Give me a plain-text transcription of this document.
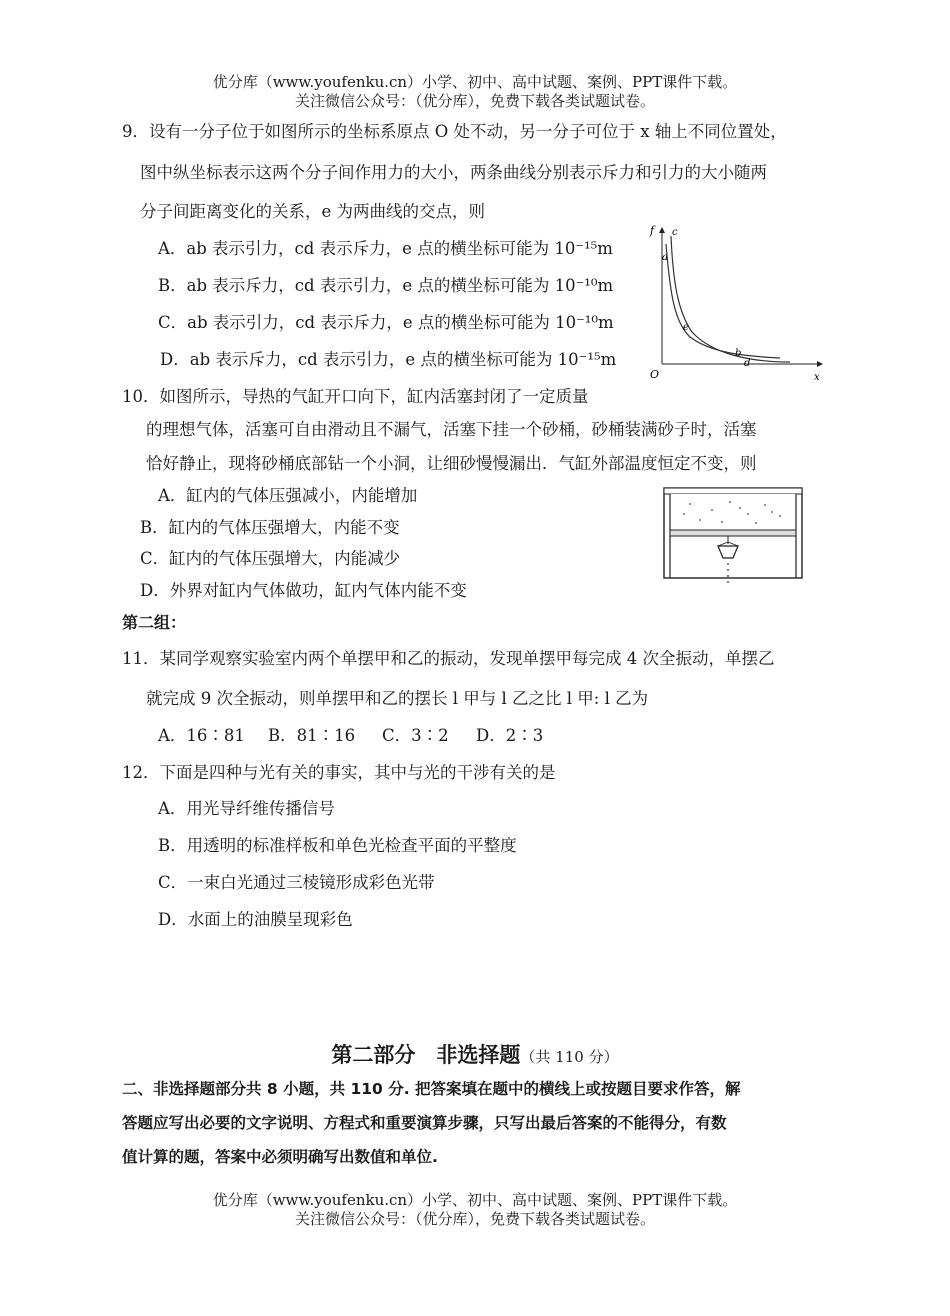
优分库（www.youfenku.cn）小学、初中、高中试题、案例、PPT课件下载。
关注微信公众号：（优分库），免费下载各类试题试卷。
9．设有一分子位于如图所示的坐标系原点 O 处不动，另一分子可位于 x 轴上不同位置处，
图中纵坐标表示这两个分子间作用力的大小，两条曲线分别表示斥力和引力的大小随两
分子间距离变化的关系，e 为两曲线的交点，则
A．ab 表示引力，cd 表示斥力，e 点的横坐标可能为 10⁻¹⁵m
B．ab 表示斥力，cd 表示引力，e 点的横坐标可能为 10⁻¹⁰m
C．ab 表示引力，cd 表示斥力，e 点的横坐标可能为 10⁻¹⁰m
D．ab 表示斥力，cd 表示引力，e 点的横坐标可能为 10⁻¹⁵m
f
a
c
e
b
d
O	x
10．如图所示，导热的气缸开口向下，缸内活塞封闭了一定质量
的理想气体，活塞可自由滑动且不漏气，活塞下挂一个砂桶，砂桶装满砂子时，活塞
恰好静止，现将砂桶底部钻一个小洞，让细砂慢慢漏出．气缸外部温度恒定不变，则
A．缸内的气体压强减小，内能增加
B．缸内的气体压强增大，内能不变
C．缸内的气体压强增大，内能减少
D．外界对缸内气体做功，缸内气体内能不变
第二组：
11．某同学观察实验室内两个单摆甲和乙的振动，发现单摆甲每完成 4 次全振动，单摆乙
就完成 9 次全振动，则单摆甲和乙的摆长 l 甲与 l 乙之比 l 甲: l 乙为
A．16∶81 B．81∶16 C．3∶2 D．2∶3
12．下面是四种与光有关的事实，其中与光的干涉有关的是
A．用光导纤维传播信号
B．用透明的标准样板和单色光检查平面的平整度
C．一束白光通过三棱镜形成彩色光带
D．水面上的油膜呈现彩色
第二部分　非选择题（共 110 分）
二、非选择题部分共 8 小题，共 110 分. 把答案填在题中的横线上或按题目要求作答，解
答题应写出必要的文字说明、方程式和重要演算步骤，只写出最后答案的不能得分，有数
值计算的题，答案中必须明确写出数值和单位.
优分库（www.youfenku.cn）小学、初中、高中试题、案例、PPT课件下载。
关注微信公众号：（优分库），免费下载各类试题试卷。
